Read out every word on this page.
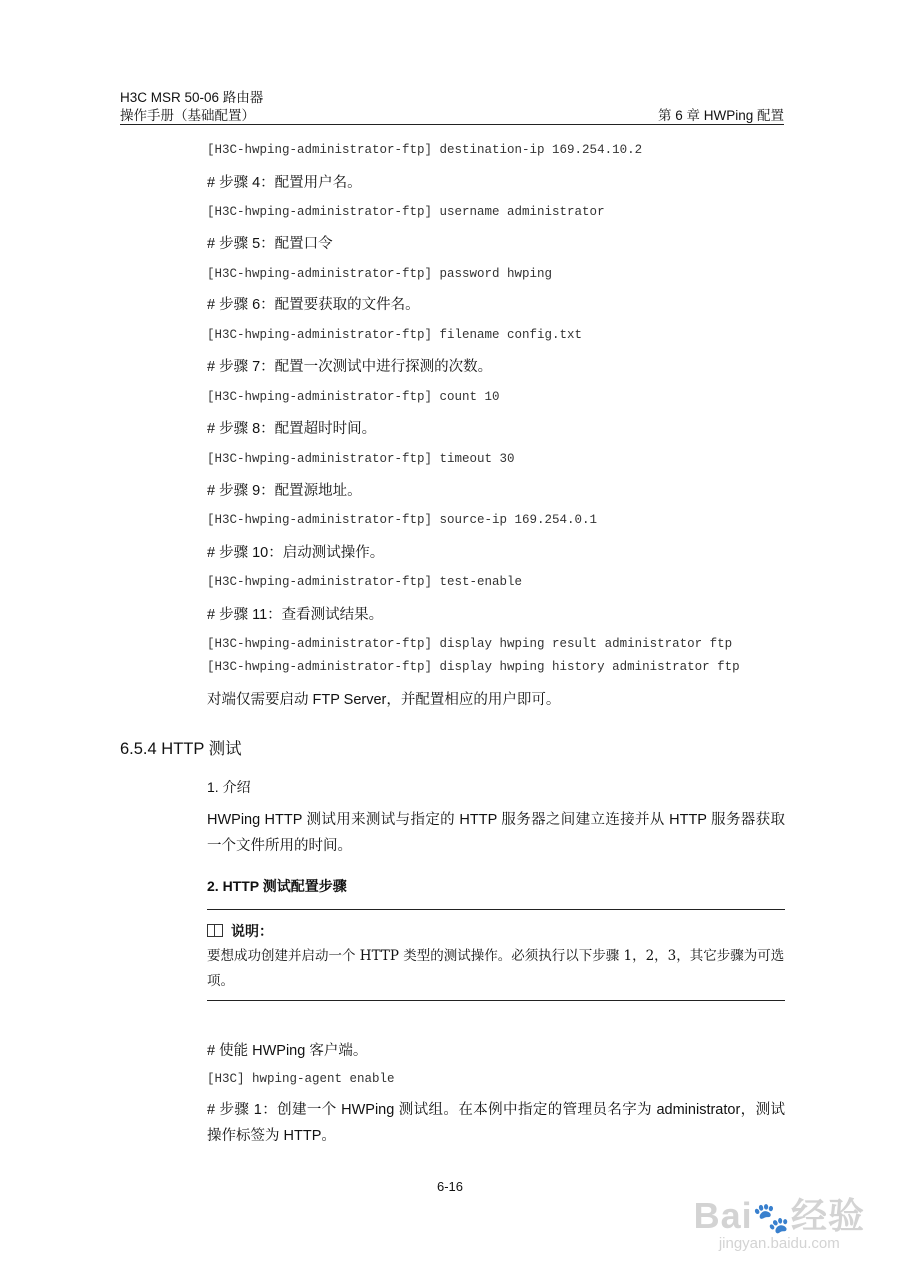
H3C MSR 50-06 路由器
操作手册（基础配置）	第 6 章 HWPing 配置
[H3C-hwping-administrator-ftp] destination-ip 169.254.10.2
# 步骤 4：配置用户名。
[H3C-hwping-administrator-ftp] username administrator
# 步骤 5：配置口令
[H3C-hwping-administrator-ftp] password hwping
# 步骤 6：配置要获取的文件名。
[H3C-hwping-administrator-ftp] filename config.txt
# 步骤 7：配置一次测试中进行探测的次数。
[H3C-hwping-administrator-ftp] count 10
# 步骤 8：配置超时时间。
[H3C-hwping-administrator-ftp] timeout 30
# 步骤 9：配置源地址。
[H3C-hwping-administrator-ftp] source-ip 169.254.0.1
# 步骤 10：启动测试操作。
[H3C-hwping-administrator-ftp] test-enable
# 步骤 11：查看测试结果。
[H3C-hwping-administrator-ftp] display hwping result administrator ftp
[H3C-hwping-administrator-ftp] display hwping history administrator ftp
对端仅需要启动 FTP Server，并配置相应的用户即可。
6.5.4 HTTP 测试
1. 介绍
HWPing HTTP 测试用来测试与指定的 HTTP 服务器之间建立连接并从 HTTP 服务器获取一个文件所用的时间。
2. HTTP 测试配置步骤
说明：
要想成功创建并启动一个 HTTP 类型的测试操作。必须执行以下步骤 1，2，3，其它步骤为可选项。
# 使能 HWPing 客户端。
[H3C] hwping-agent enable
# 步骤 1：创建一个 HWPing 测试组。在本例中指定的管理员名字为 administrator，测试操作标签为 HTTP。
6-16
Bai🐾经验
jingyan.baidu.com
